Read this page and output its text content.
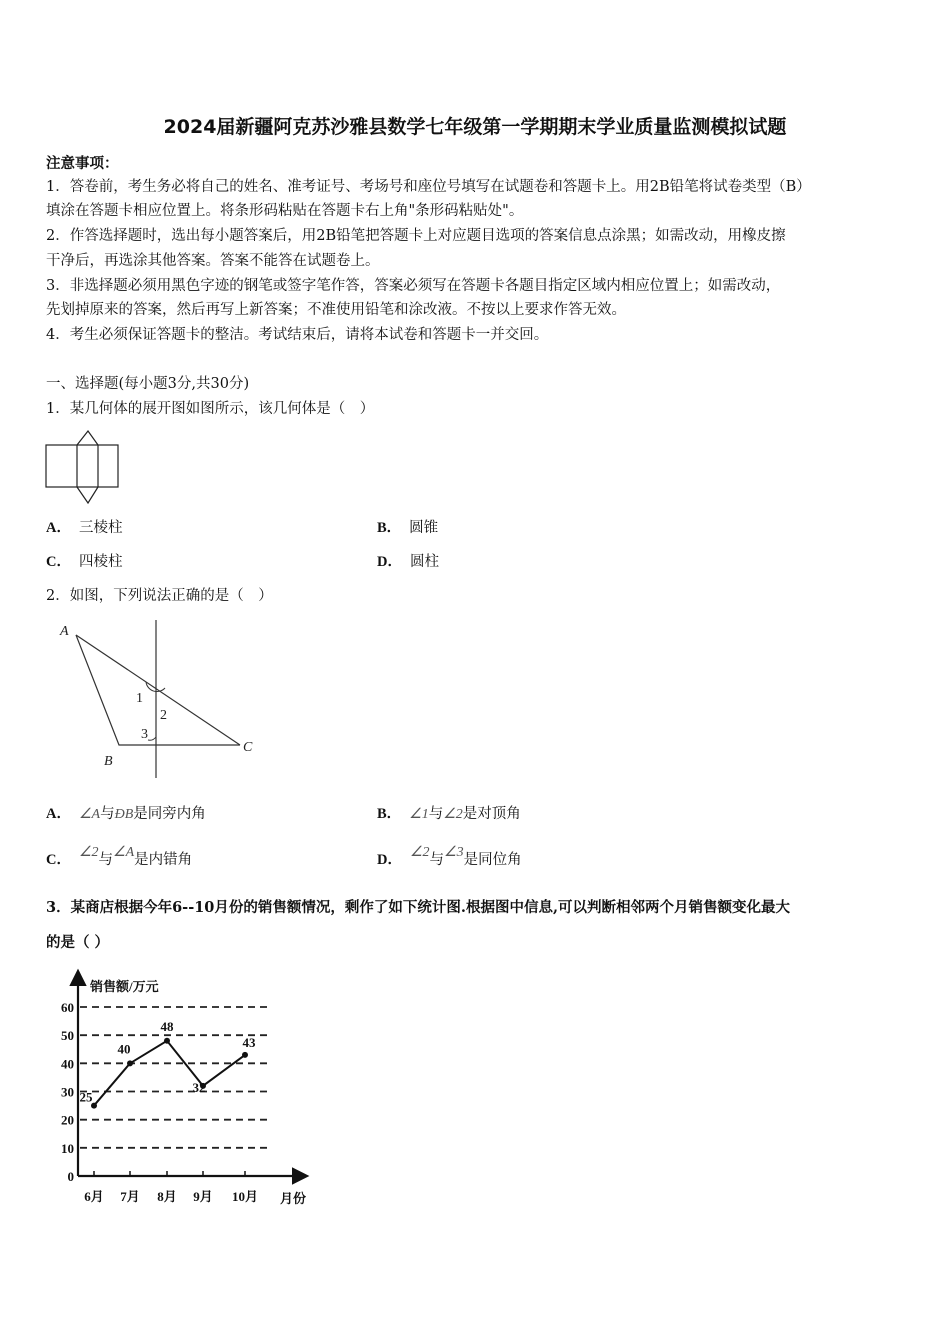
2024届新疆阿克苏沙雅县数学七年级第一学期期末学业质量监测模拟试题
注意事项：
1．答卷前，考生务必将自己的姓名、准考证号、考场号和座位号填写在试题卷和答题卡上。用2B铅笔将试卷类型（B）
填涂在答题卡相应位置上。将条形码粘贴在答题卡右上角"条形码粘贴处"。
2．作答选择题时，选出每小题答案后，用2B铅笔把答题卡上对应题目选项的答案信息点涂黑；如需改动，用橡皮擦
干净后，再选涂其他答案。答案不能答在试题卷上。
3．非选择题必须用黑色字迹的钢笔或签字笔作答，答案必须写在答题卡各题目指定区域内相应位置上；如需改动，
先划掉原来的答案，然后再写上新答案；不准使用铅笔和涂改液。不按以上要求作答无效。
4．考生必须保证答题卡的整洁。考试结束后，请将本试卷和答题卡一并交回。
一、选择题(每小题3分,共30分)
1．某几何体的展开图如图所示，该几何体是（　）
A． 三棱柱	B． 圆锥
C． 四棱柱	D． 圆柱
2．如图，下列说法正确的是（　）
A
B
C
1
2
3
A． ∠A与ÐB是同旁内角	B． ∠1与∠2是对顶角
C． ∠2与∠A是内错角	D． ∠2与∠3是同位角
3．某商店根据今年6--10月份的销售额情况，剩作了如下统计图.根据图中信息,可以判断相邻两个月销售额变化最大
的是（ ）
0
10
20
30
40
50
60
6月 7月 8月 9月 10月
25
40
48
32
43
销售额/万元
月份
